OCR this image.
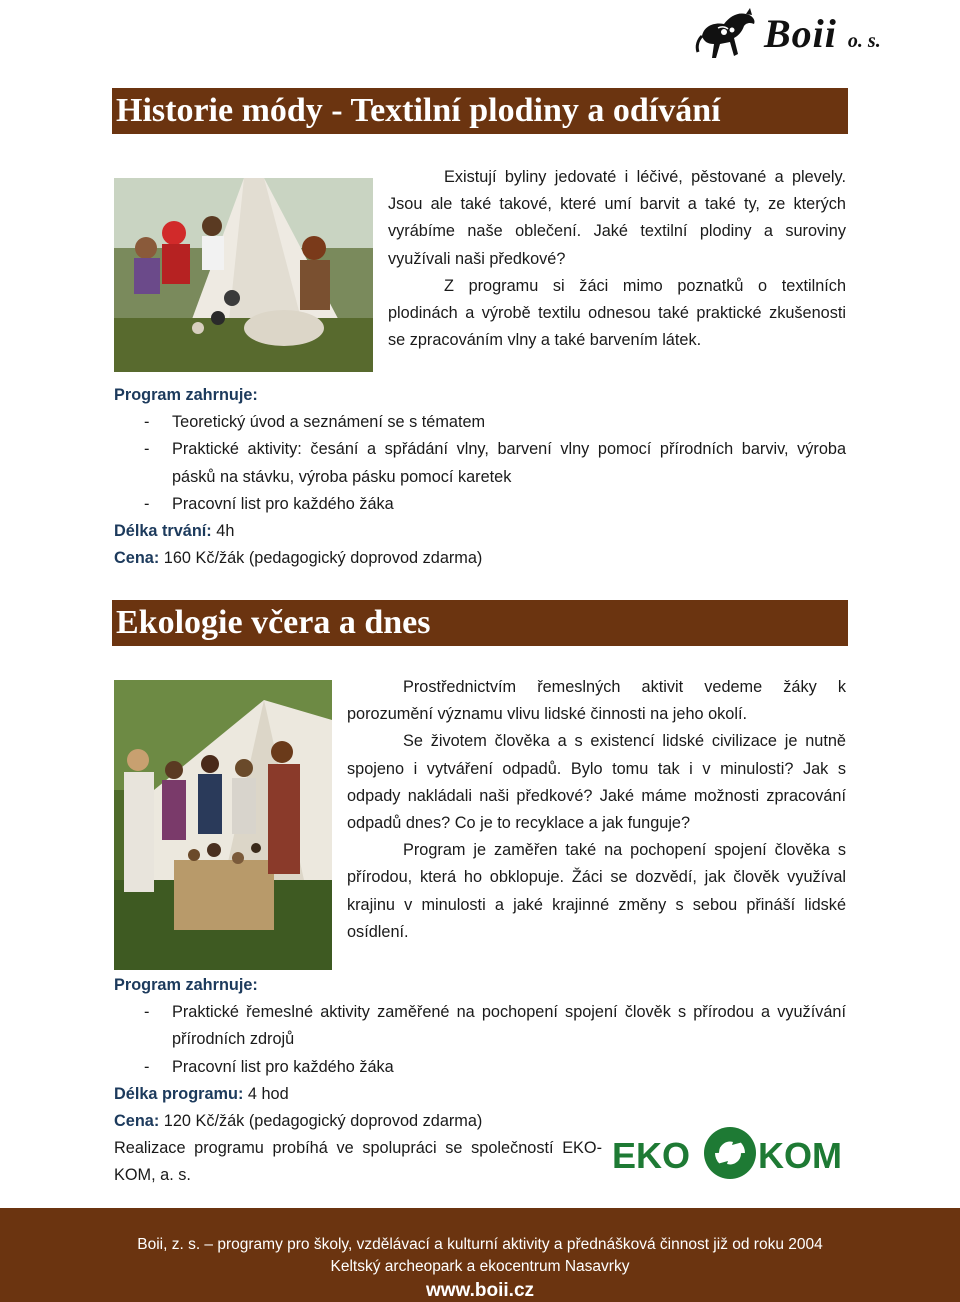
Boii o. s.
Historie módy - Textilní plodiny a odívání

Existují byliny jedovaté i léčivé, pěstované a plevely. Jsou ale také takové, které umí barvit a také ty, ze kterých vyrábíme naše oblečení. Jaké textilní plodiny a suroviny využívali naši předkové?

Z programu si žáci mimo poznatků o textilních plodinách a výrobě textilu odnesou také praktické zkušenosti se zpracováním vlny a také barvením látek.

Program zahrnuje:

- Teoretický úvod a seznámení se s tématem
- Praktické aktivity: česání a spřádání vlny, barvení vlny pomocí přírodních barviv, výroba pásků na stávku, výroba pásku pomocí karetek
- Pracovní list pro každého žáka

Délka trvání: 4h

Cena: 160 Kč/žák (pedagogický doprovod zdarma)

Ekologie včera a dnes

Prostřednictvím řemeslných aktivit vedeme žáky k porozumění významu vlivu lidské činnosti na jeho okolí.

Se životem člověka a s existencí lidské civilizace je nutně spojeno i vytváření odpadů. Bylo tomu tak i v minulosti? Jak s odpady nakládali naši předkové? Jaké máme možnosti zpracování odpadů dnes? Co je to recyklace a jak funguje?

Program je zaměřen také na pochopení spojení člověka s přírodou, která ho obklopuje. Žáci se dozvědí, jak člověk využíval krajinu v minulosti a jaké krajinné změny s sebou přináší lidské osídlení.

Program zahrnuje:

- Praktické řemeslné aktivity zaměřené na pochopení spojení člověk s přírodou a využívání přírodních zdrojů
- Pracovní list pro každého žáka

Délka programu: 4 hod

Cena: 120 Kč/žák (pedagogický doprovod zdarma)

Realizace programu probíhá ve spolupráci se společností EKO-KOM, a. s.	EKO KOM
Boii, z. s. – programy pro školy, vzdělávací a kulturní aktivity a přednášková činnost již od roku 2004
Keltský archeopark a ekocentrum Nasavrky
www.boii.cz
